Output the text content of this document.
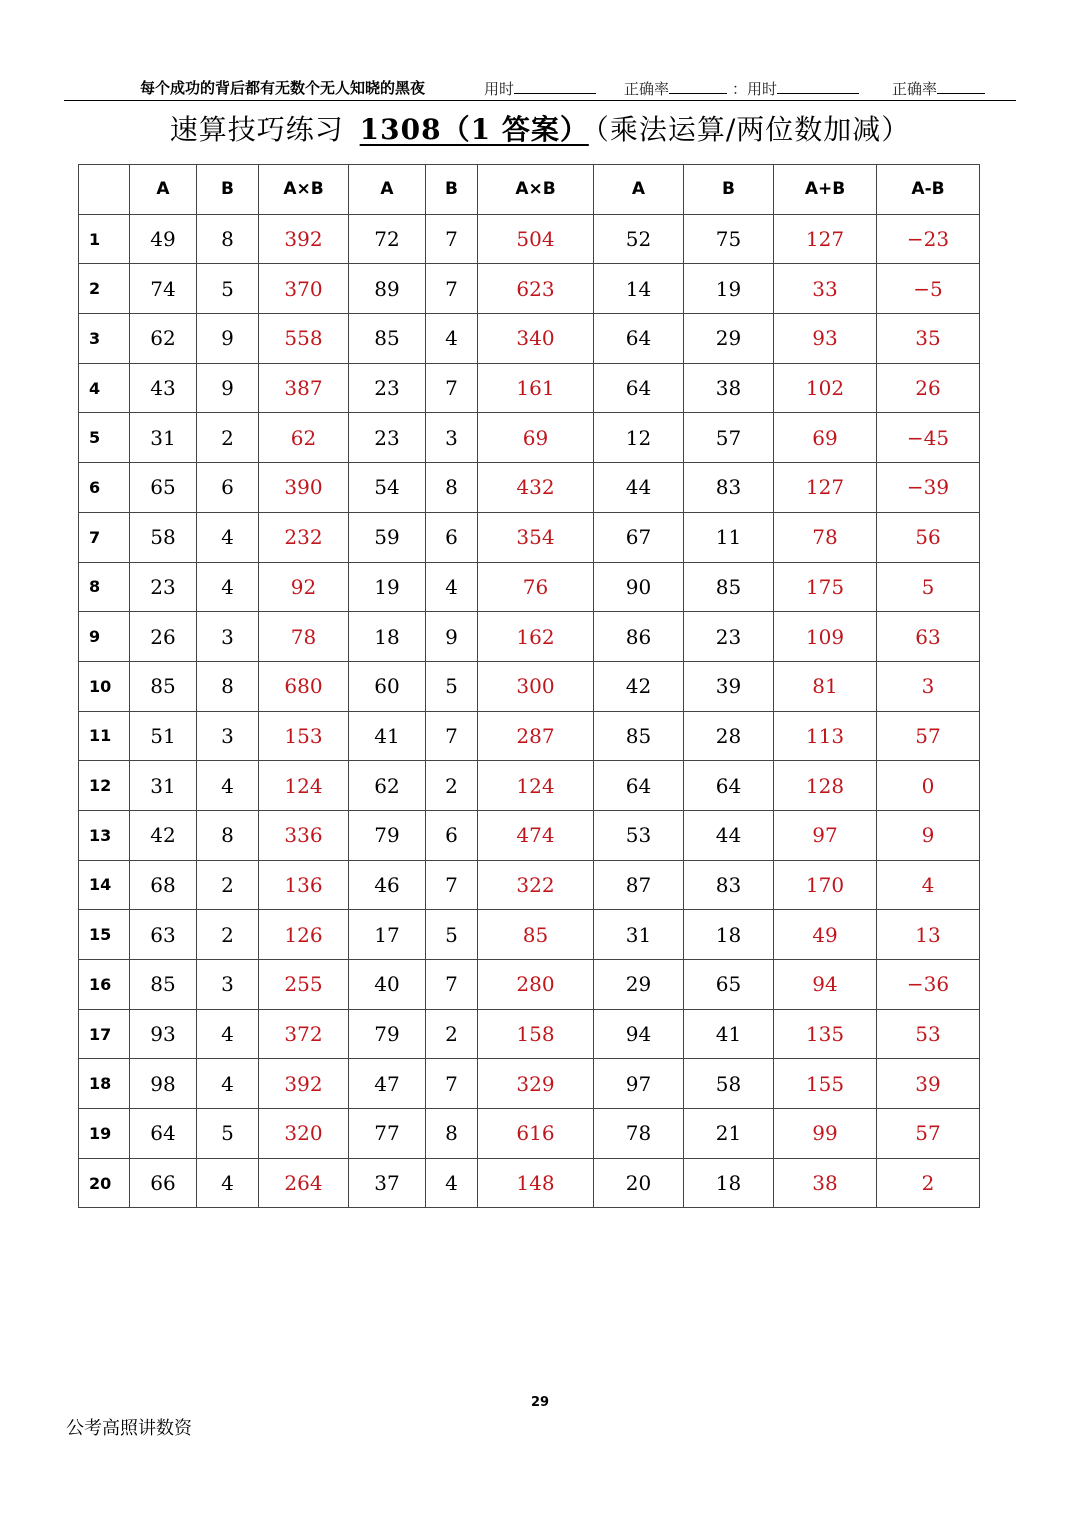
每个成功的背后都有无数个无人知晓的黑夜	用时	正确率	：用时	正确率
速算技巧练习 1308（1 答案） （乘法运算/两位数加减）
	A	B	A×B	A	B	A×B	A	B	A+B	A-B
1	49	8	392	72	7	504	52	75	127	−23
2	74	5	370	89	7	623	14	19	33	−5
3	62	9	558	85	4	340	64	29	93	35
4	43	9	387	23	7	161	64	38	102	26
5	31	2	62	23	3	69	12	57	69	−45
6	65	6	390	54	8	432	44	83	127	−39
7	58	4	232	59	6	354	67	11	78	56
8	23	4	92	19	4	76	90	85	175	5
9	26	3	78	18	9	162	86	23	109	63
10	85	8	680	60	5	300	42	39	81	3
11	51	3	153	41	7	287	85	28	113	57
12	31	4	124	62	2	124	64	64	128	0
13	42	8	336	79	6	474	53	44	97	9
14	68	2	136	46	7	322	87	83	170	4
15	63	2	126	17	5	85	31	18	49	13
16	85	3	255	40	7	280	29	65	94	−36
17	93	4	372	79	2	158	94	41	135	53
18	98	4	392	47	7	329	97	58	155	39
19	64	5	320	77	8	616	78	21	99	57
20	66	4	264	37	4	148	20	18	38	2
29
公考高照讲数资
